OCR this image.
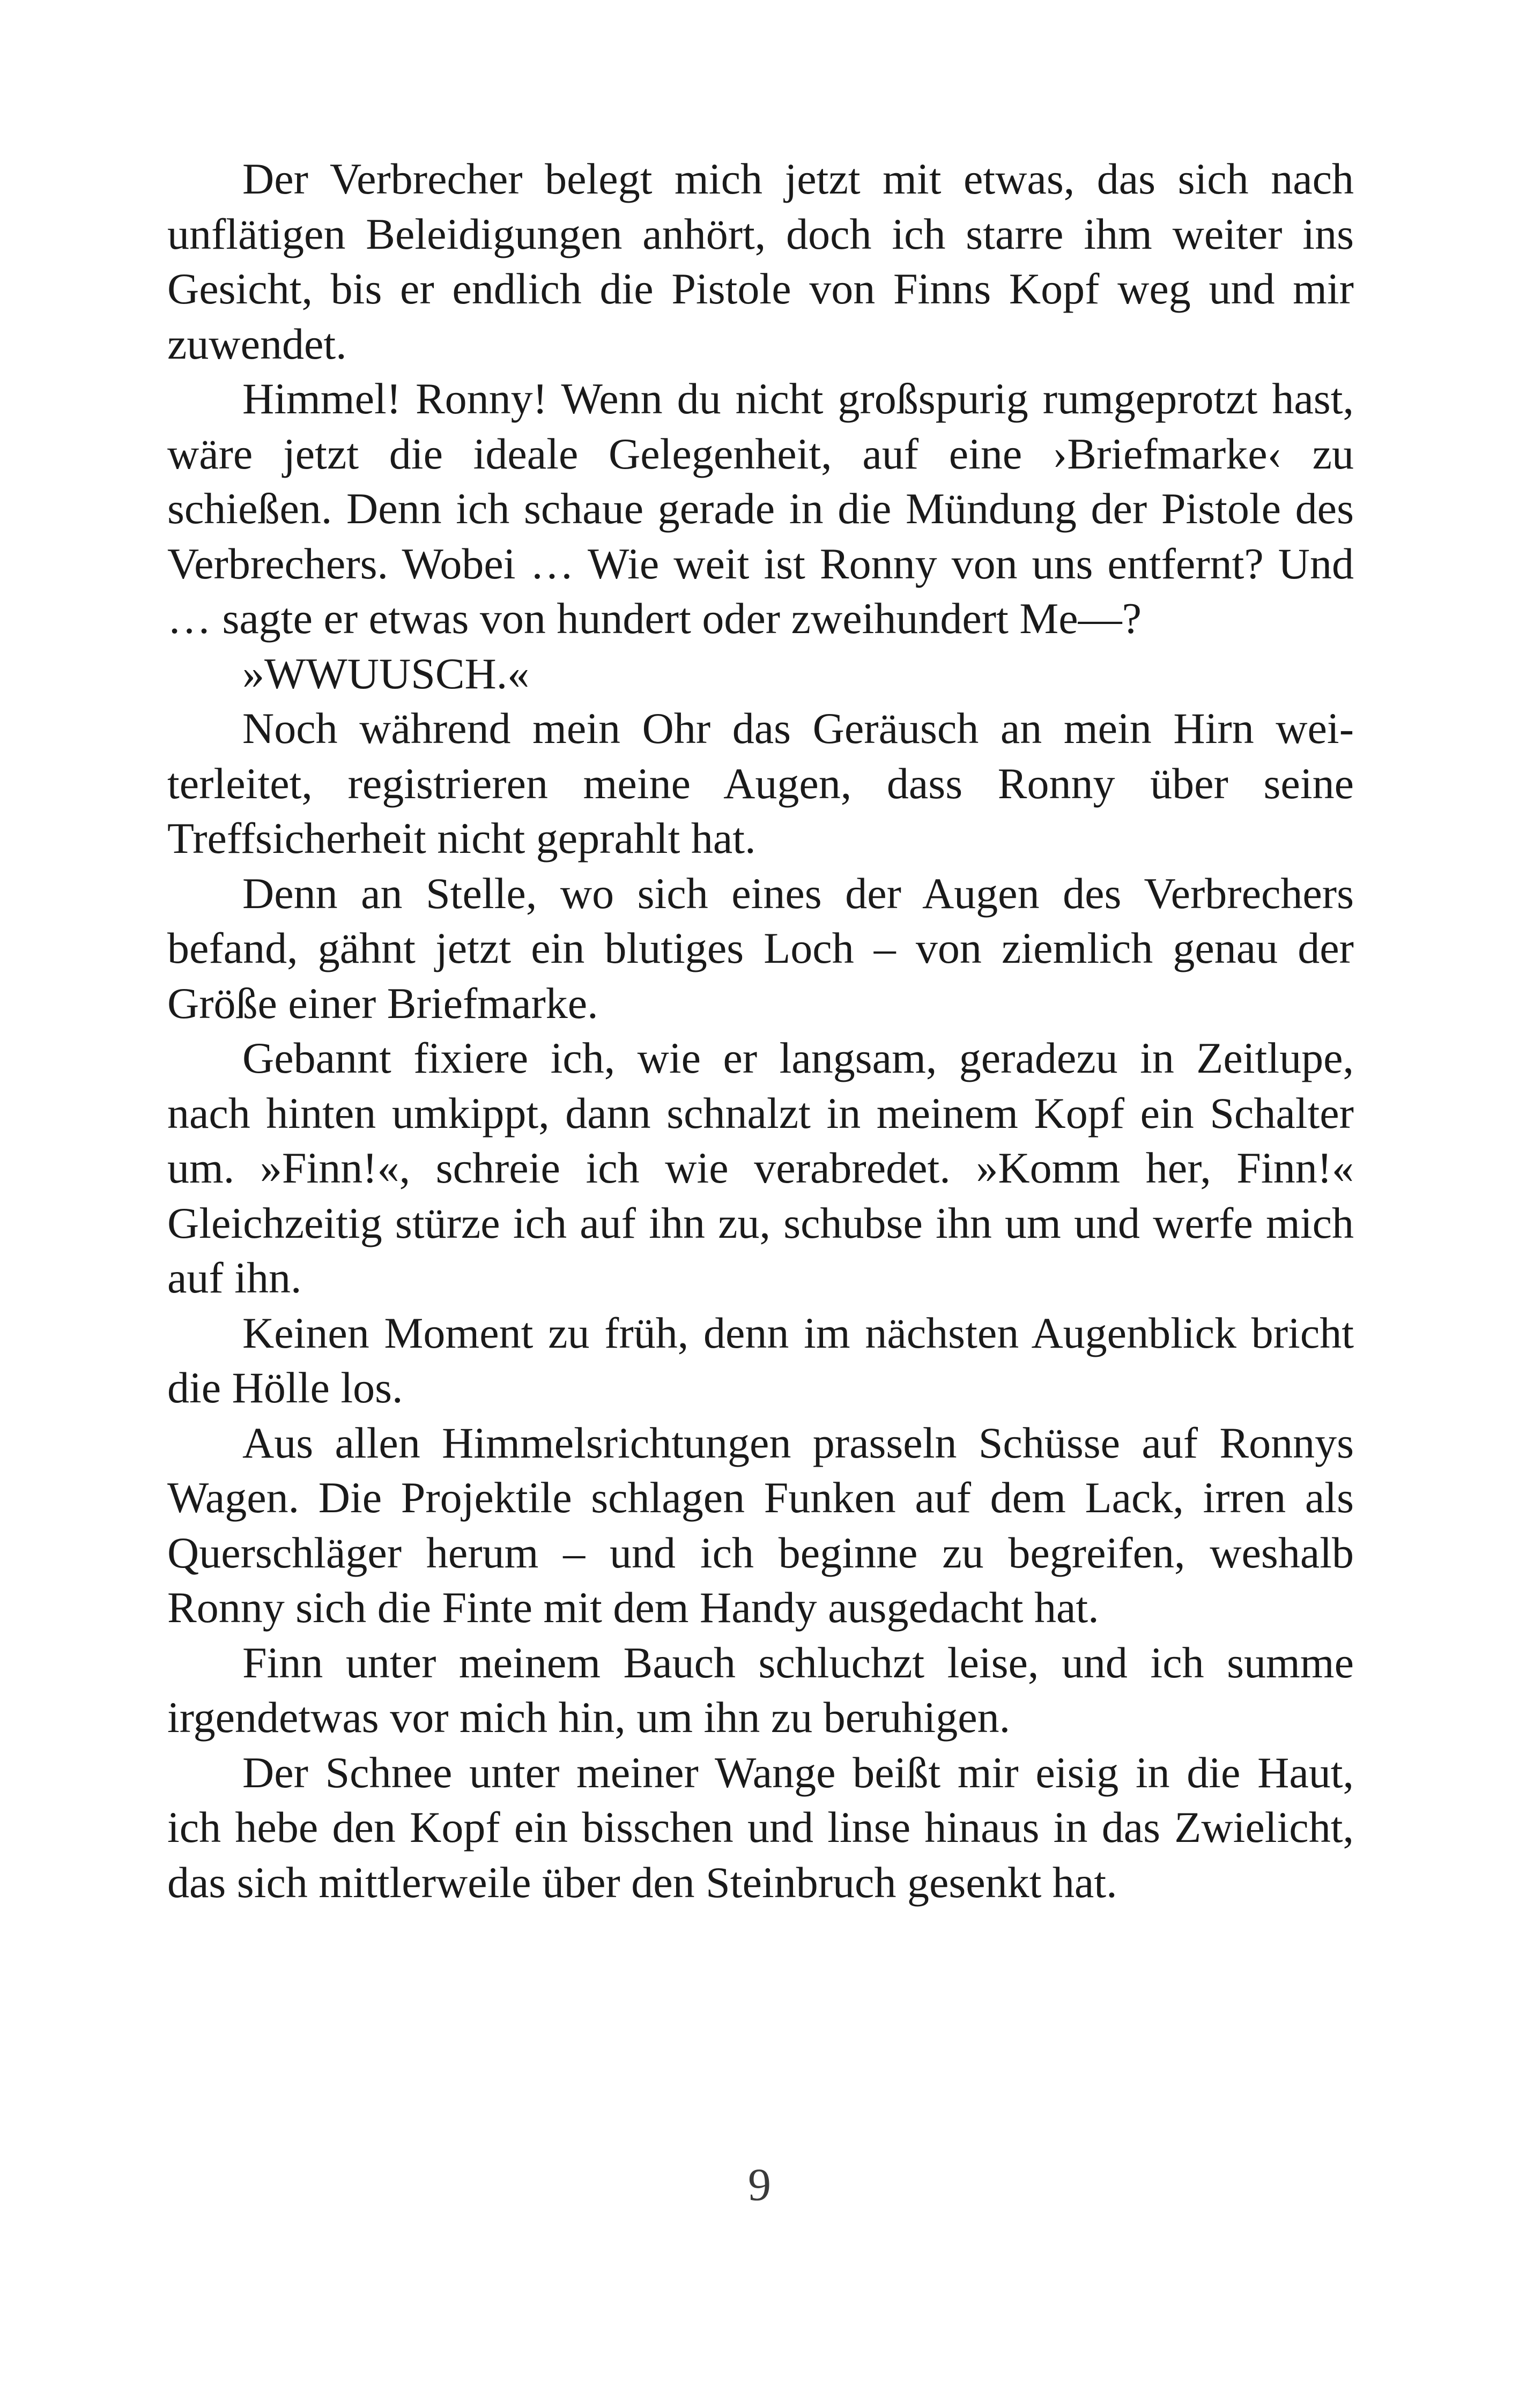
Der Verbrecher belegt mich jetzt mit etwas, das sich nach unflätigen Beleidigungen anhört, doch ich starre ihm weiter ins Gesicht, bis er endlich die Pistole von Finns Kopf weg und mir zuwendet.

Himmel! Ronny! Wenn du nicht großspurig rumgeprotzt hast, wäre jetzt die ideale Gelegenheit, auf eine ›Briefmarke‹ zu schießen. Denn ich schaue gerade in die Mündung der Pistole des Verbrechers. Wobei … Wie weit ist Ronny von uns entfernt? Und … sagte er etwas von hundert oder zweihundert Me—?

»WWUUSCH.«

Noch während mein Ohr das Geräusch an mein Hirn weiterleitet, registrieren meine Augen, dass Ronny über seine Treffsicherheit nicht geprahlt hat.

Denn an Stelle, wo sich eines der Augen des Verbrechers befand, gähnt jetzt ein blutiges Loch – von ziemlich genau der Größe einer Briefmarke.

Gebannt fixiere ich, wie er langsam, geradezu in Zeitlupe, nach hinten umkippt, dann schnalzt in meinem Kopf ein Schalter um. »Finn!«, schreie ich wie verabredet. »Komm her, Finn!« Gleichzeitig stürze ich auf ihn zu, schubse ihn um und werfe mich auf ihn.

Keinen Moment zu früh, denn im nächsten Augenblick bricht die Hölle los.

Aus allen Himmelsrichtungen prasseln Schüsse auf Ronnys Wagen. Die Projektile schlagen Funken auf dem Lack, irren als Querschläger herum – und ich beginne zu begreifen, weshalb Ronny sich die Finte mit dem Handy ausgedacht hat.

Finn unter meinem Bauch schluchzt leise, und ich summe irgendetwas vor mich hin, um ihn zu beruhigen.

Der Schnee unter meiner Wange beißt mir eisig in die Haut, ich hebe den Kopf ein bisschen und linse hinaus in das Zwielicht, das sich mittlerweile über den Steinbruch gesenkt hat.

9
